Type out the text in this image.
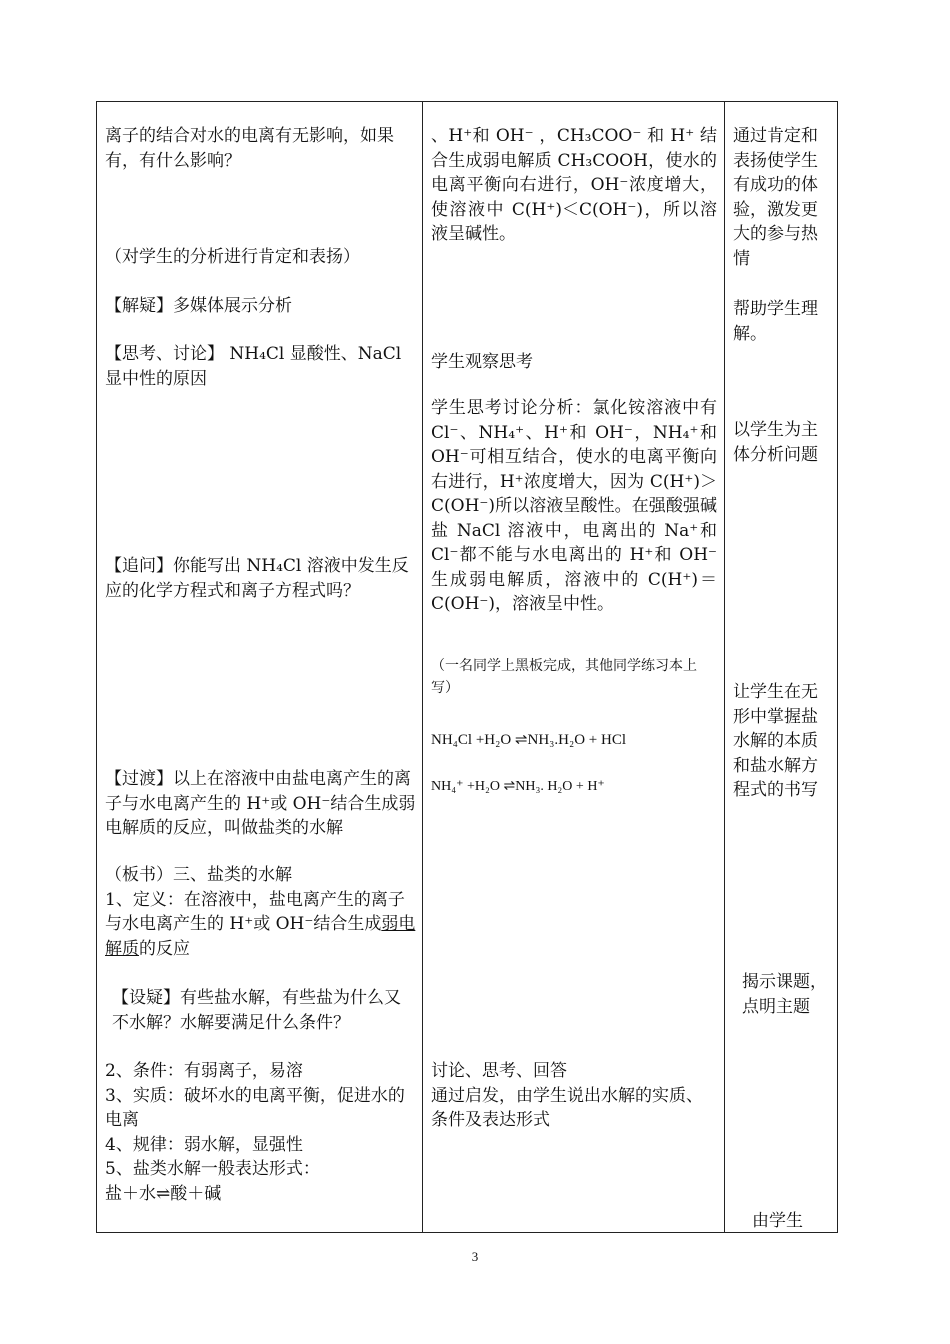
离子的结合对水的电离有无影响，如果有，有什么影响？

（对学生的分析进行肯定和表扬）

【解疑】多媒体展示分析

【思考、讨论】 NH₄Cl 显酸性、NaCl 显中性的原因

【追问】你能写出 NH₄Cl 溶液中发生反应的化学方程式和离子方程式吗？

【过渡】以上在溶液中由盐电离产生的离子与水电离产生的 H⁺或 OH⁻结合生成弱电解质的反应，叫做盐类的水解

（板书）三、盐类的水解
1、定义：在溶液中，盐电离产生的离子与水电离产生的 H⁺或 OH⁻结合生成弱电解质的反应

【设疑】有些盐水解，有些盐为什么又不水解？水解要满足什么条件？

2、条件：有弱离子，易溶
3、实质：破坏水的电离平衡，促进水的电离
4、规律：弱水解，显强性
5、盐类水解一般表达形式：
盐＋水⇌酸＋碱

、H⁺和 OH⁻ ，CH₃COO⁻ 和 H⁺ 结合生成弱电解质 CH₃COOH，使水的电离平衡向右进行，OH⁻浓度增大，使溶液中 C(H⁺)＜C(OH⁻)，所以溶液呈碱性。

学生观察思考

学生思考讨论分析：氯化铵溶液中有 Cl⁻、NH₄⁺、H⁺和 OH⁻，NH₄⁺和 OH⁻可相互结合，使水的电离平衡向右进行，H⁺浓度增大，因为 C(H⁺)＞C(OH⁻)所以溶液呈酸性。在强酸强碱盐 NaCl 溶液中，电离出的 Na⁺和 Cl⁻都不能与水电离出的 H⁺和 OH⁻生成弱电解质，溶液中的 C(H⁺)＝C(OH⁻)，溶液呈中性。

（一名同学上黑板完成，其他同学练习本上写）

NH₄Cl +H₂O ⇌NH₃.H₂O + HCl

NH₄⁺ +H₂O ⇌NH₃. H₂O + H⁺

讨论、思考、回答
通过启发，由学生说出水解的实质、条件及表达形式

通过肯定和表扬使学生有成功的体验，激发更大的参与热情

帮助学生理解。

以学生为主体分析问题

让学生在无形中掌握盐水解的本质和盐水解方程式的书写

揭示课题，点明主题

由学生

3
